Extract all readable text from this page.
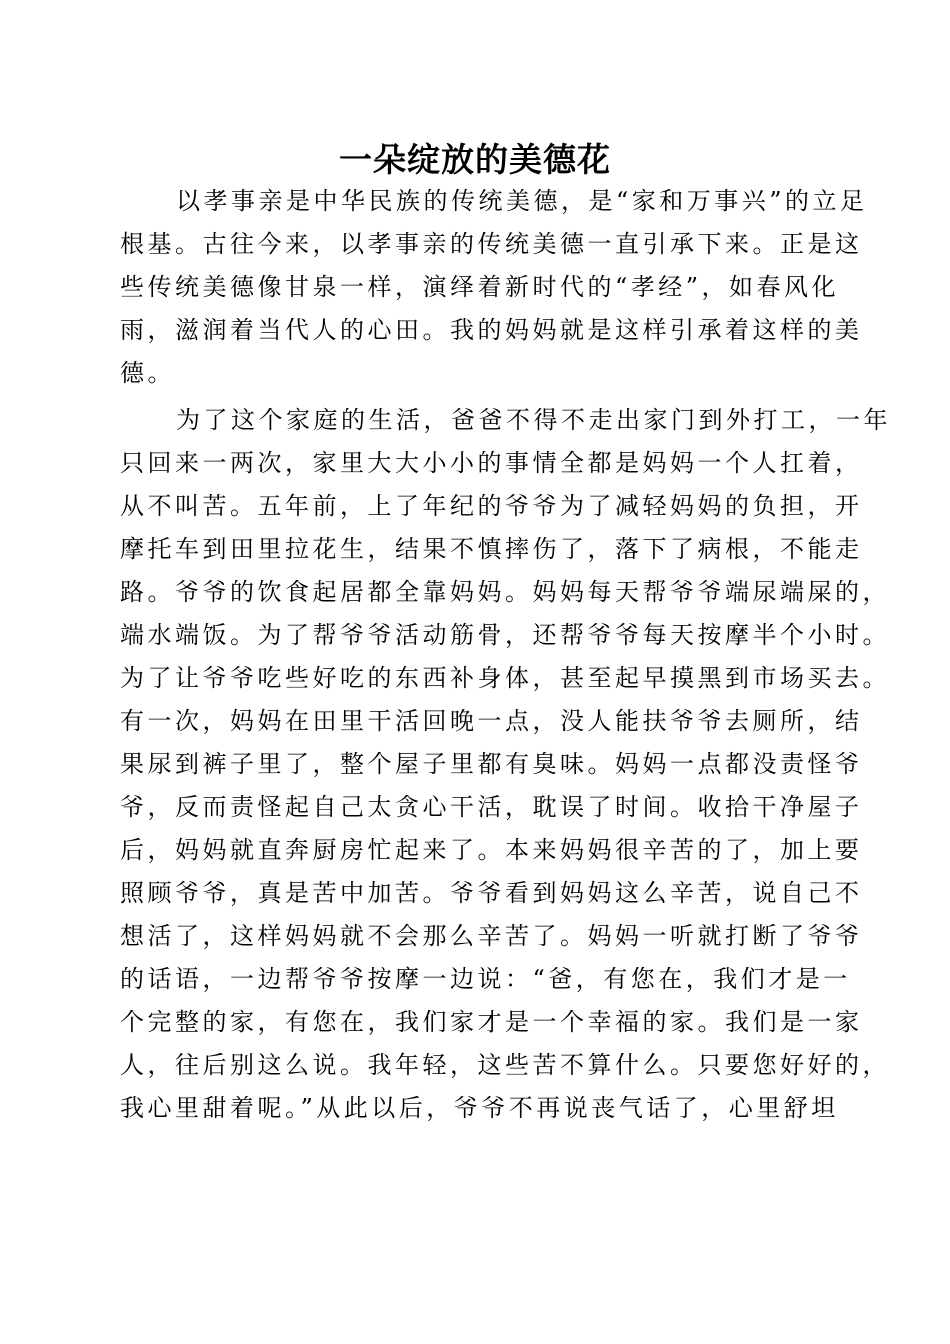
一朵绽放的美德花
以孝事亲是中华民族的传统美德，是“家和万事兴”的立足
根基。古往今来，以孝事亲的传统美德一直引承下来。正是这
些传统美德像甘泉一样，演绎着新时代的“孝经”，如春风化
雨，滋润着当代人的心田。我的妈妈就是这样引承着这样的美
德。
为了这个家庭的生活，爸爸不得不走出家门到外打工，一年
只回来一两次，家里大大小小的事情全都是妈妈一个人扛着，
从不叫苦。五年前，上了年纪的爷爷为了减轻妈妈的负担，开
摩托车到田里拉花生，结果不慎摔伤了，落下了病根，不能走
路。爷爷的饮食起居都全靠妈妈。妈妈每天帮爷爷端尿端屎的，
端水端饭。为了帮爷爷活动筋骨，还帮爷爷每天按摩半个小时。
为了让爷爷吃些好吃的东西补身体，甚至起早摸黑到市场买去。
有一次，妈妈在田里干活回晚一点，没人能扶爷爷去厕所，结
果尿到裤子里了，整个屋子里都有臭味。妈妈一点都没责怪爷
爷，反而责怪起自己太贪心干活，耽误了时间。收拾干净屋子
后，妈妈就直奔厨房忙起来了。本来妈妈很辛苦的了，加上要
照顾爷爷，真是苦中加苦。爷爷看到妈妈这么辛苦，说自己不
想活了，这样妈妈就不会那么辛苦了。妈妈一听就打断了爷爷
的话语，一边帮爷爷按摩一边说：“爸，有您在，我们才是一
个完整的家，有您在，我们家才是一个幸福的家。我们是一家
人，往后别这么说。我年轻，这些苦不算什么。只要您好好的，
我心里甜着呢。”从此以后，爷爷不再说丧气话了，心里舒坦
